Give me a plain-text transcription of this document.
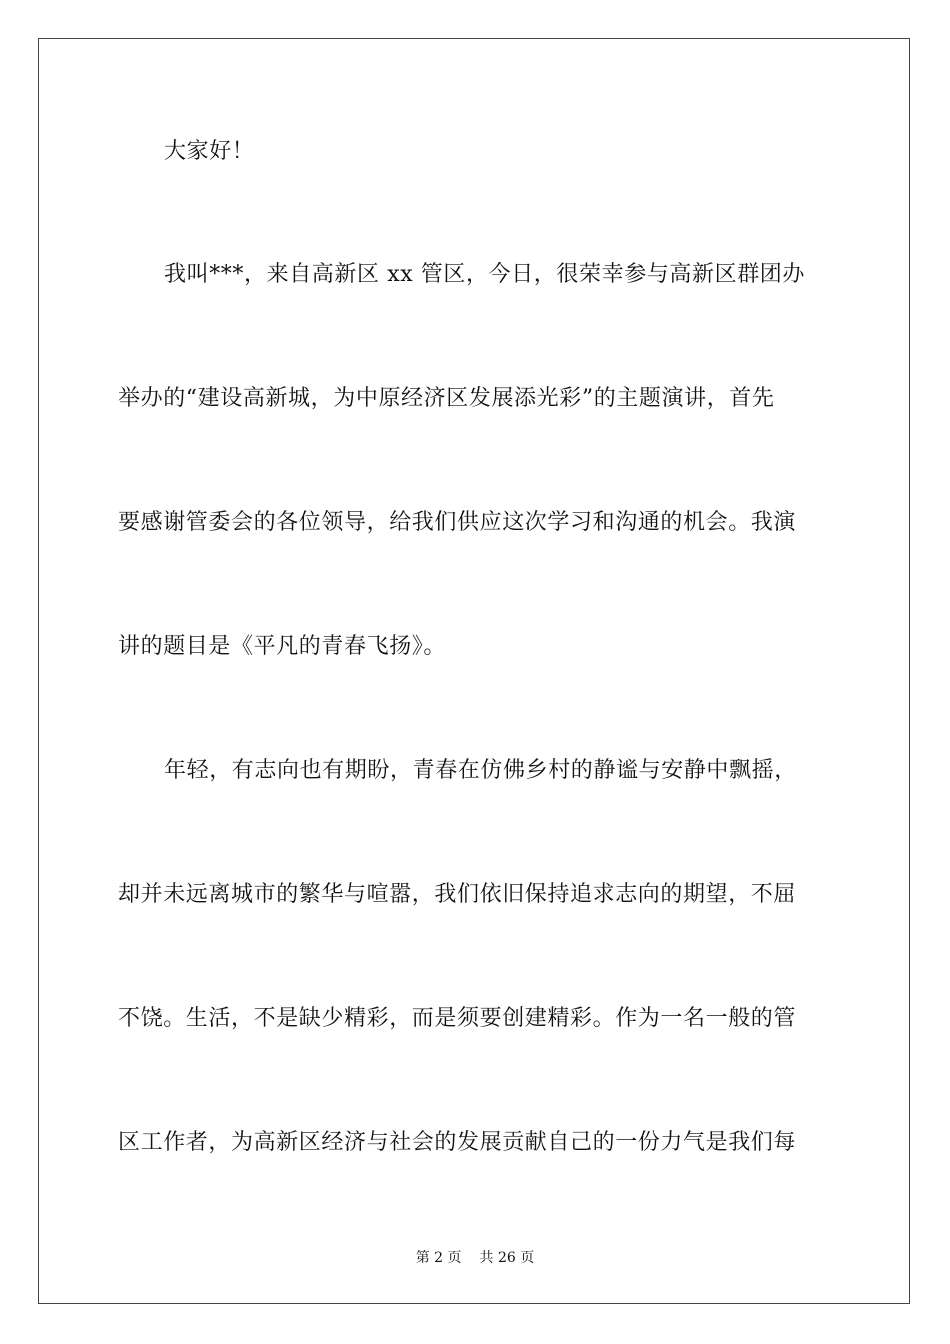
大家好！
我叫***，来自高新区 xx 管区，今日，很荣幸参与高新区群团办
举办的“建设高新城，为中原经济区发展添光彩”的主题演讲，首先
要感谢管委会的各位领导，给我们供应这次学习和沟通的机会。我演
讲的题目是《平凡的青春飞扬》。
年轻，有志向也有期盼，青春在仿佛乡村的静谧与安静中飘摇，
却并未远离城市的繁华与喧嚣，我们依旧保持追求志向的期望，不屈
不饶。生活，不是缺少精彩，而是须要创建精彩。作为一名一般的管
区工作者，为高新区经济与社会的发展贡献自己的一份力气是我们每
第 2 页 共 26 页
